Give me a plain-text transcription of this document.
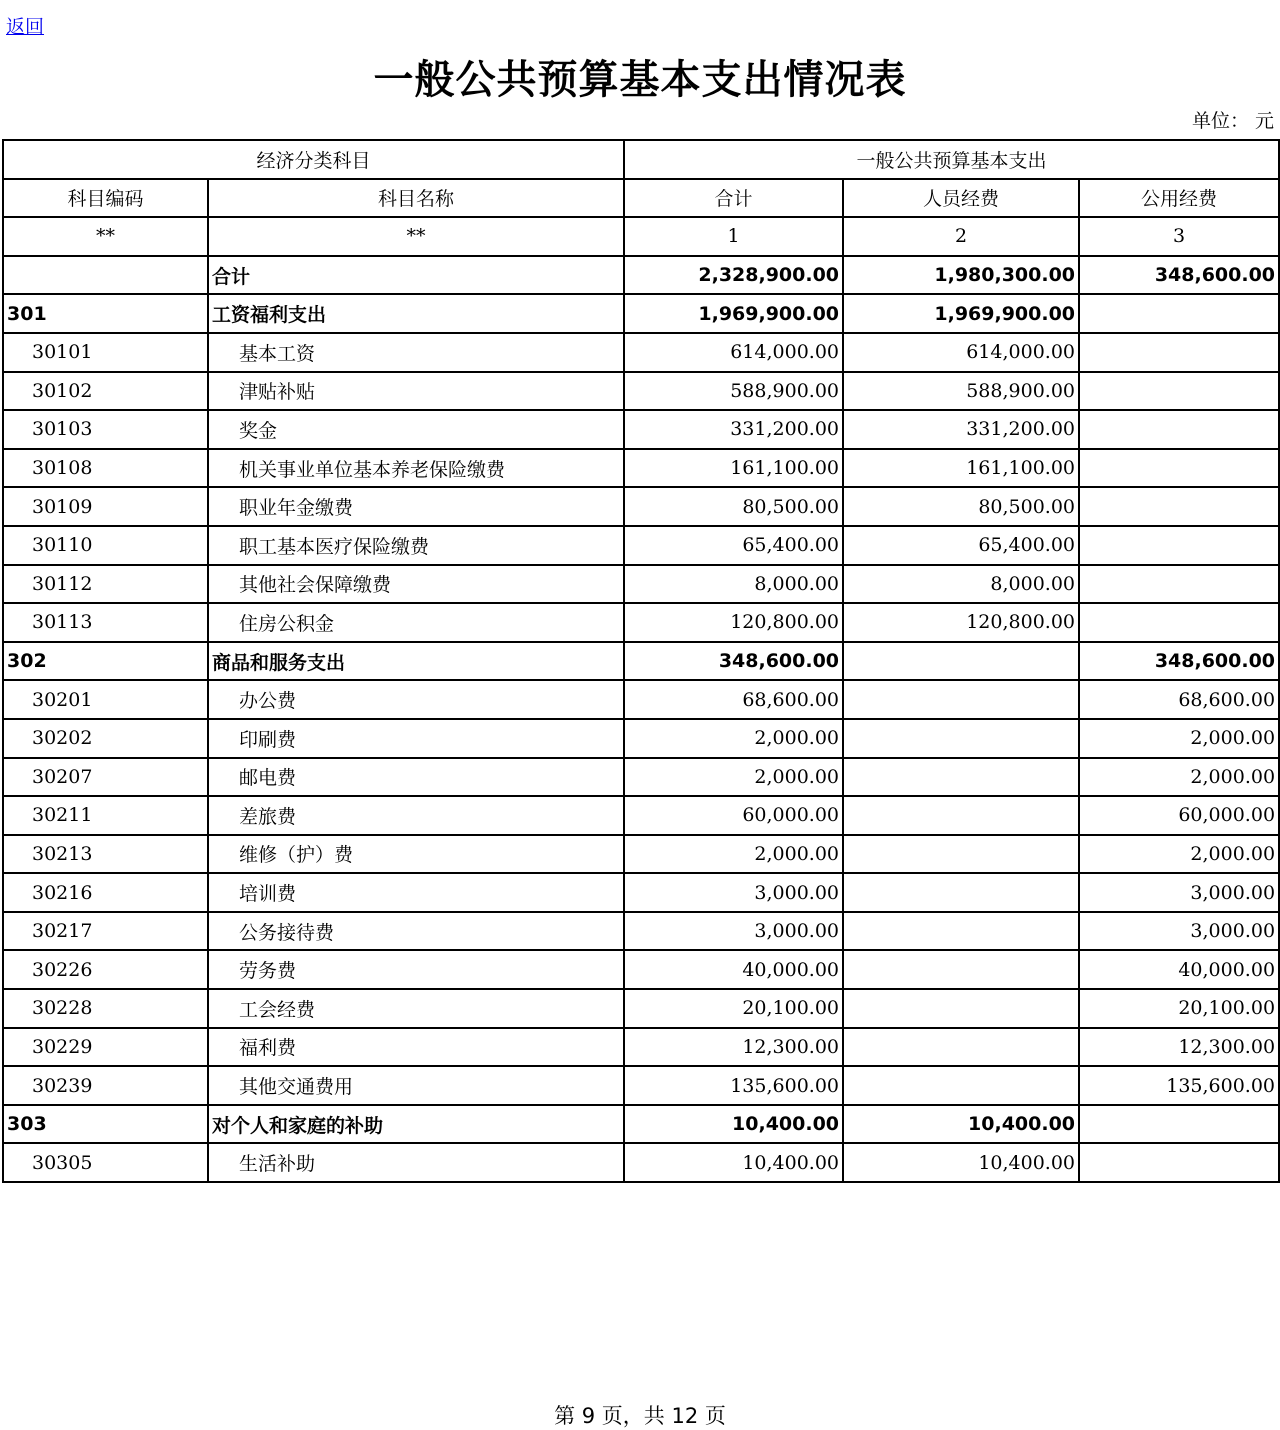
返回
一般公共预算基本支出情况表
单位： 元
经济分类科目		一般公共预算基本支出		
科目编码	科目名称	合计	人员经费	公用经费
**	**	1	2	3
	合计	2,328,900.00	1,980,300.00	348,600.00
301	工资福利支出	1,969,900.00	1,969,900.00	
30101	基本工资	614,000.00	614,000.00	
30102	津贴补贴	588,900.00	588,900.00	
30103	奖金	331,200.00	331,200.00	
30108	机关事业单位基本养老保险缴费	161,100.00	161,100.00	
30109	职业年金缴费	80,500.00	80,500.00	
30110	职工基本医疗保险缴费	65,400.00	65,400.00	
30112	其他社会保障缴费	8,000.00	8,000.00	
30113	住房公积金	120,800.00	120,800.00	
302	商品和服务支出	348,600.00		348,600.00
30201	办公费	68,600.00		68,600.00
30202	印刷费	2,000.00		2,000.00
30207	邮电费	2,000.00		2,000.00
30211	差旅费	60,000.00		60,000.00
30213	维修（护）费	2,000.00		2,000.00
30216	培训费	3,000.00		3,000.00
30217	公务接待费	3,000.00		3,000.00
30226	劳务费	40,000.00		40,000.00
30228	工会经费	20,100.00		20,100.00
30229	福利费	12,300.00		12,300.00
30239	其他交通费用	135,600.00		135,600.00
303	对个人和家庭的补助	10,400.00	10,400.00	
30305	生活补助	10,400.00	10,400.00	
第 9 页，共 12 页
